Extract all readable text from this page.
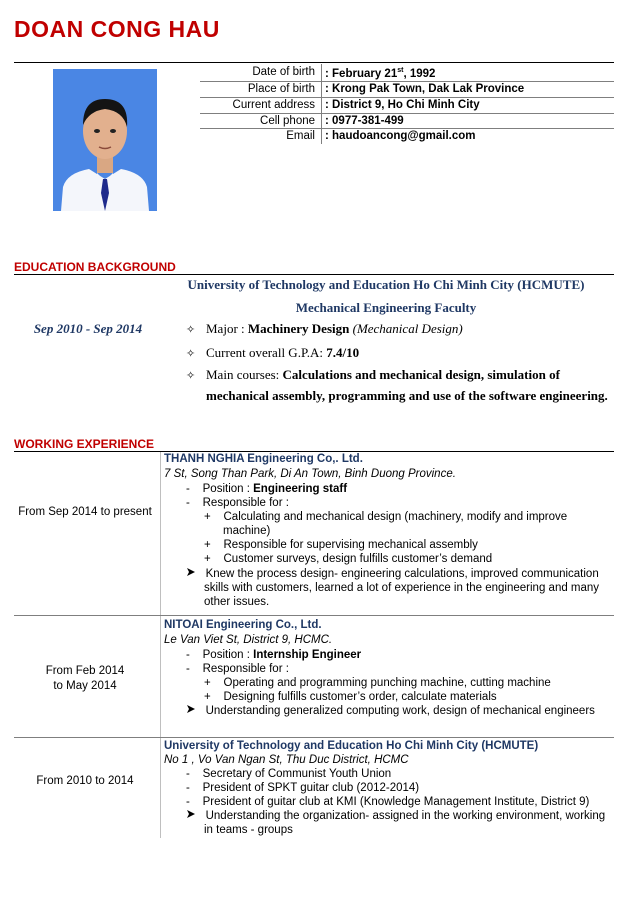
DOAN CONG HAU
Date of birth	: February 21st, 1992
Place of birth	: Krong Pak Town, Dak Lak Province
Current address	: District 9, Ho Chi Minh City
Cell phone	: 0977-381-499
Email	: haudoancong@gmail.com
EDUCATION BACKGROUND
University of Technology and Education Ho Chi Minh City (HCMUTE)
Mechanical Engineering Faculty
Sep 2010 - Sep 2014	✧ Major : Machinery Design (Mechanical Design)
✧ Current overall G.P.A: 7.4/10
✧ Main courses: Calculations and mechanical design, simulation of
mechanical assembly, programming and use of the software engineering.
WORKING EXPERIENCE
From Sep 2014 to present
THANH NGHIA Engineering Co,. Ltd.
7 St, Song Than Park, Di An Town, Binh Duong Province.
-    Position : Engineering staff
-    Responsible for :
+    Calculating and mechanical design (machinery, modify and improve
machine)
+    Responsible for supervising mechanical assembly
+    Customer surveys, design fulfills customer’s demand
Knew the process design- engineering calculations, improved communication
skills with customers, learned a lot of experience in the engineering and many
other issues.
From Feb 2014
to May 2014
NITOAI Engineering Co., Ltd.
Le Van Viet St, District 9, HCMC.
-    Position : Internship Engineer
-    Responsible for :
+    Operating and programming punching machine, cutting machine
+    Designing fulfills customer’s order, calculate materials
Understanding generalized computing work, design of mechanical engineers
From 2010 to 2014
University of Technology and Education Ho Chi Minh City (HCMUTE)
No 1 , Vo Van Ngan St, Thu Duc District, HCMC
-    Secretary of Communist Youth Union
-    President of SPKT guitar club (2012-2014)
-    President of guitar club at KMI (Knowledge Management Institute, District 9)
Understanding the organization- assigned in the working environment, working
in teams - groups
